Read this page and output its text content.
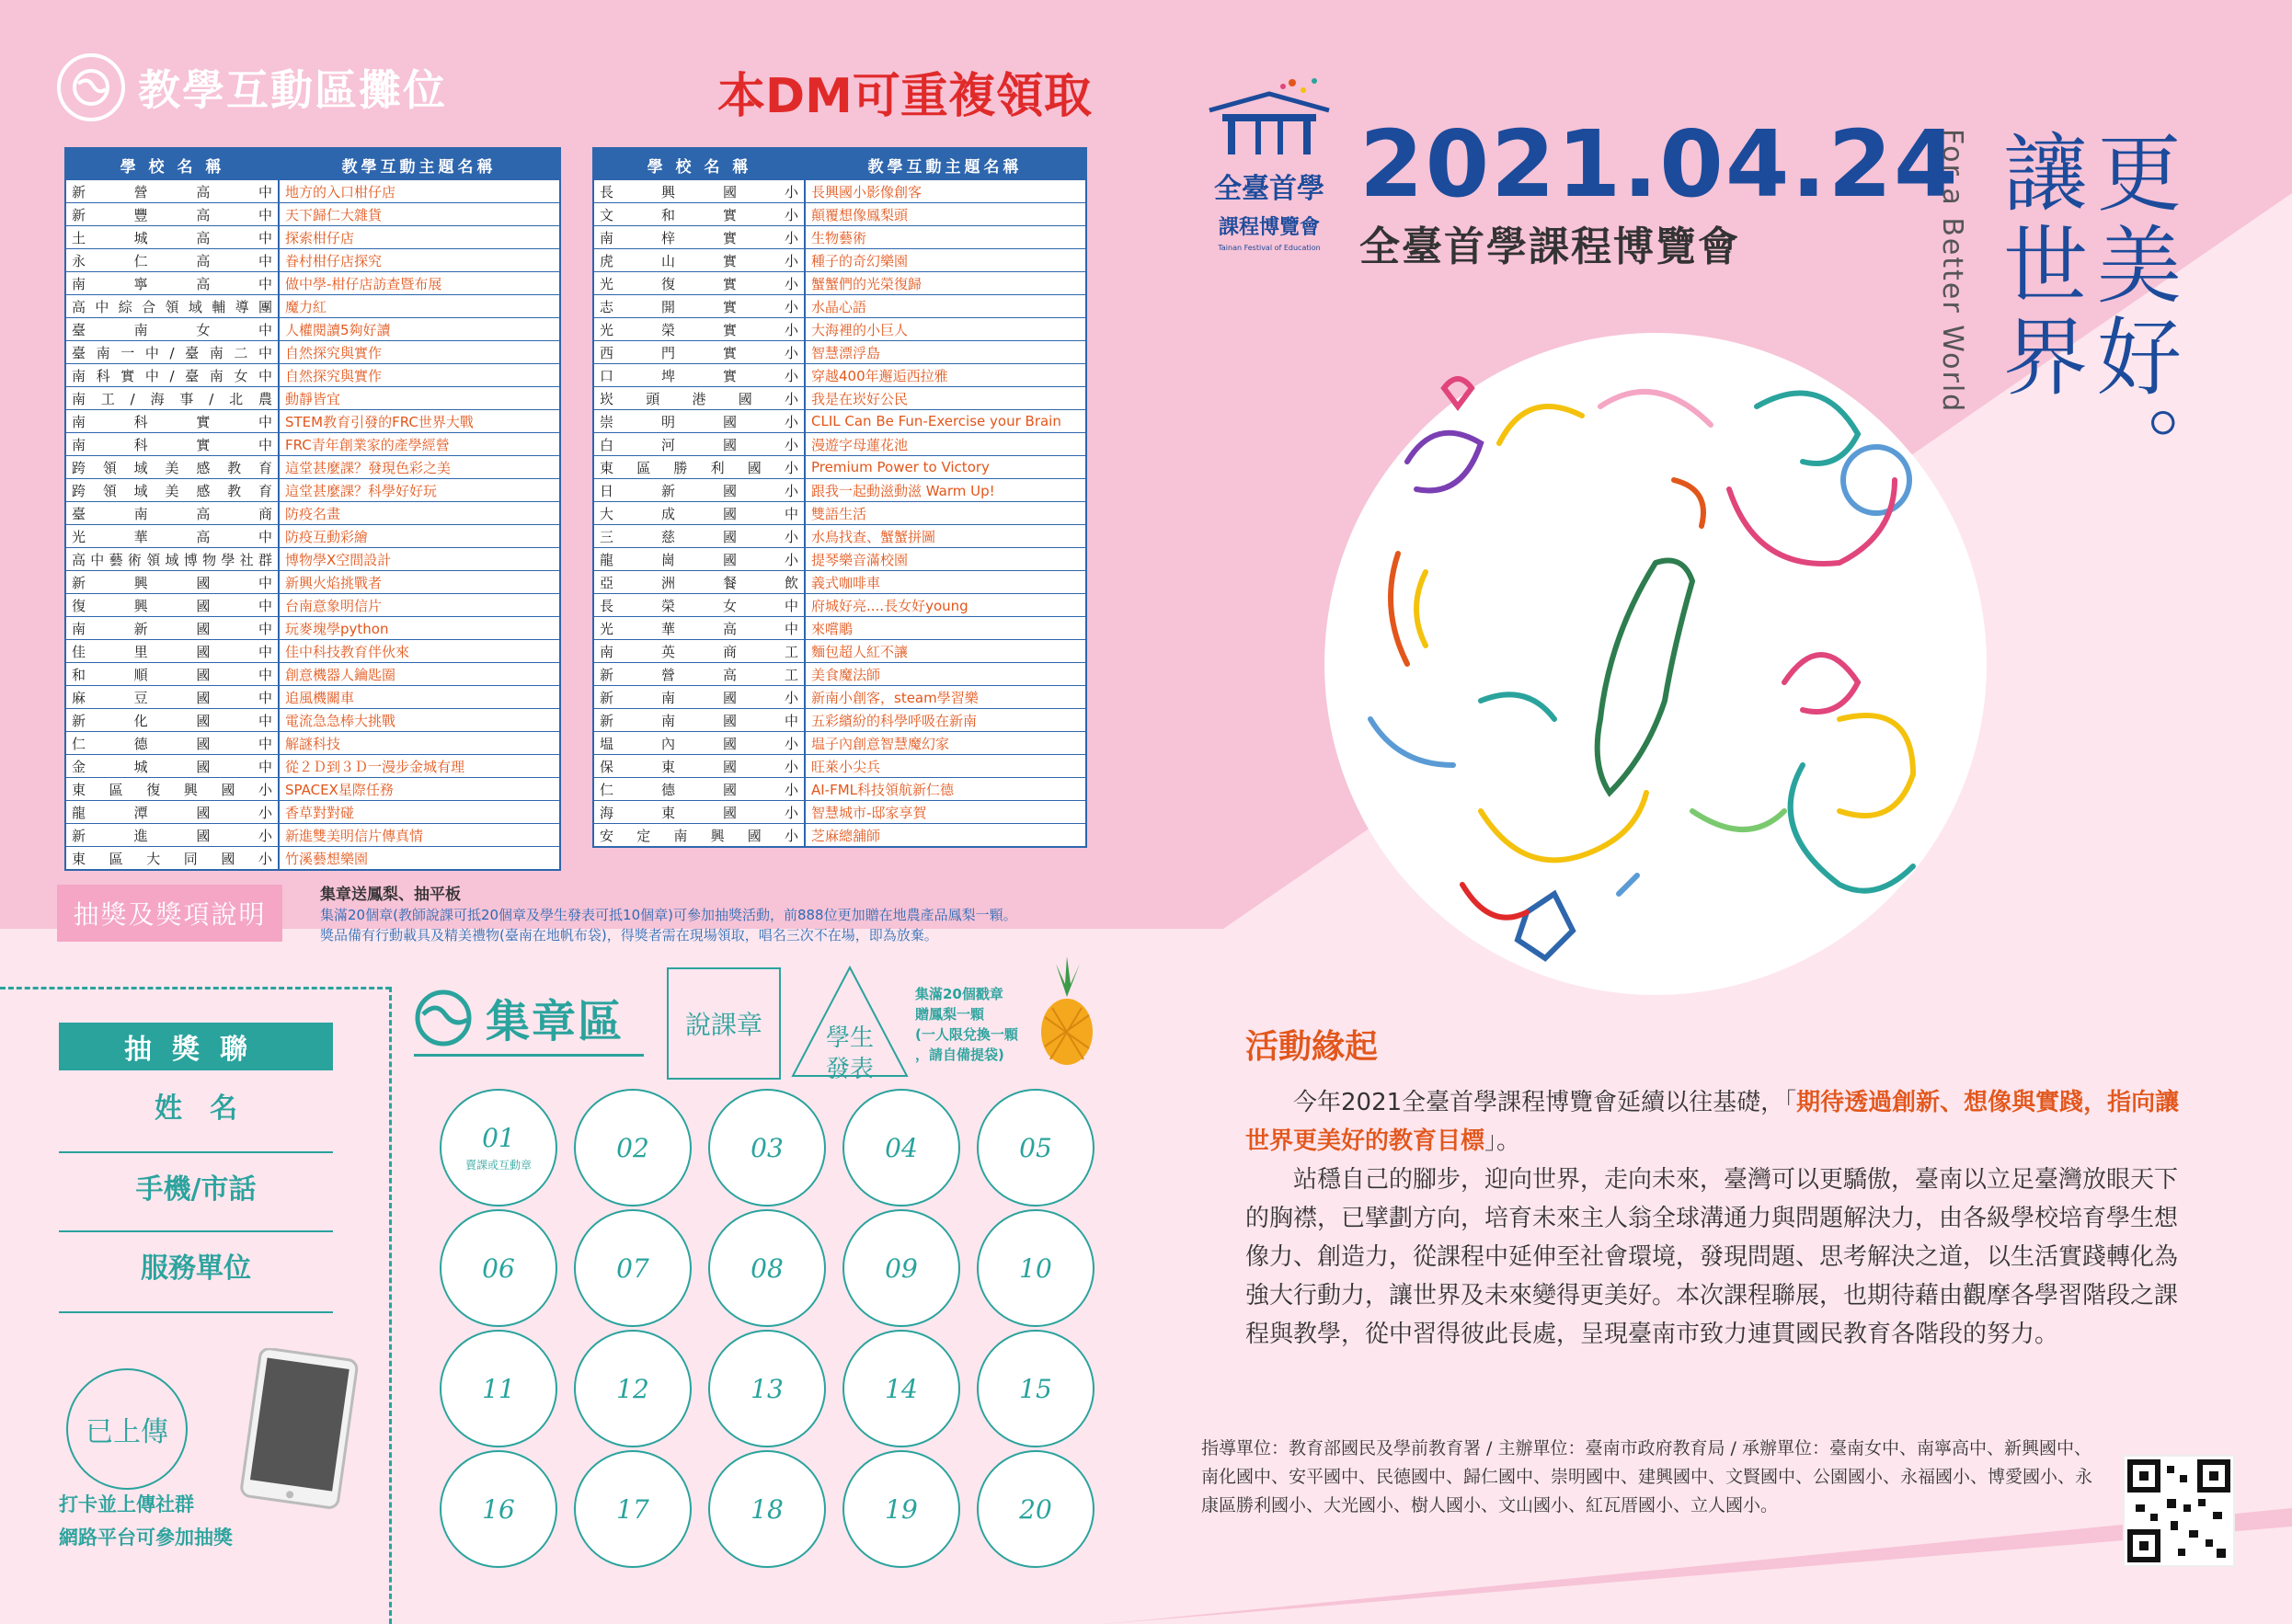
教學互動區攤位	本DM可重複領取
學 校 名 稱	教學互動主題名稱
新營高中	地方的入口柑仔店
新豐高中	天下歸仁大雜貨
土城高中	探索柑仔店
永仁高中	眷村柑仔店探究
南寧高中	做中學-柑仔店訪查暨布展
高中綜合領域輔導團	魔力紅
臺南女中	人權閱讀5夠好讀
臺南一中/臺南二中	自然探究與實作
南科實中/臺南女中	自然探究與實作
南工/海事/北農	動靜皆宜
南科實中	STEM教育引發的FRC世界大戰
南科實中	FRC青年創業家的產學經營
跨領域美感教育	這堂甚麼課？發現色彩之美
跨領域美感教育	這堂甚麼課？科學好好玩
臺南高商	防疫名畫
光華高中	防疫互動彩繪
高中藝術領域博物學社群	博物學X空間設計
新興國中	新興火焰挑戰者
復興國中	台南意象明信片
南新國中	玩麥塊學python
佳里國中	佳中科技教育伴伙來
和順國中	創意機器人鑰匙圈
麻豆國中	追風機關車
新化國中	電流急急棒大挑戰
仁德國中	解謎科技
金城國中	從２Ｄ到３Ｄ一漫步金城有理
東區復興國小	SPACEX星際任務
龍潭國小	香草對對碰
新進國小	新進雙美明信片傳真情
東區大同國小	竹溪藝想樂園
學 校 名 稱	教學互動主題名稱
長興國小	長興國小影像創客
文和實小	顛覆想像鳳梨頭
南梓實小	生物藝術
虎山實小	種子的奇幻樂園
光復實小	蟹蟹們的光榮復歸
志開實小	水晶心語
光榮實小	大海裡的小巨人
西門實小	智慧漂浮島
口埤實小	穿越400年邂逅西拉雅
崁頭港國小	我是在崁好公民
崇明國小	CLIL Can Be Fun-Exercise your Brain
白河國小	漫遊字母蓮花池
東區勝利國小	Premium Power to Victory
日新國小	跟我一起動滋動滋 Warm Up!
大成國中	雙語生活
三慈國小	水鳥找查、蟹蟹拼圖
龍崗國小	提琴樂音滿校園
亞洲餐飲	義式咖啡車
長榮女中	府城好亮....長女好young
光華高中	來嚐鵰
南英商工	麵包超人紅不讓
新營高工	美食魔法師
新南國小	新南小創客，steam學習樂
新南國中	五彩繽紛的科學呼吸在新南
塭內國小	塭子內創意智慧魔幻家
保東國小	旺萊小尖兵
仁德國小	AI-FML科技領航新仁德
海東國小	智慧城市-邸家享賀
安定南興國小	芝麻總舖師
抽獎及獎項說明
集章送鳳梨、抽平板
集滿20個章(教師說課可抵20個章及學生發表可抵10個章)可參加抽獎活動，前888位更加贈在地農產品鳳梨一顆。
獎品備有行動載具及精美禮物(臺南在地帆布袋)，得獎者需在現場領取，唱名三次不在場，即為放棄。
抽獎聯
姓　名
手機/市話
服務單位
已上傳
打卡並上傳社群
網路平台可參加抽獎
集章區	說課章	學生
發表
集滿20個戳章
贈鳳梨一顆
(一人限兌換一顆
，請自備提袋)
01
賣課或互動章
02	03	04	05
06	07	08	09	10
11	12	13	14	15
16	17	18	19	20
全臺首學
課程博覽會
Tainan Festival of Education
2021.04.24
全臺首學課程博覽會	更美好。
讓世界
For a Better World
活動緣起
　　今年2021全臺首學課程博覽會延續以往基礎，「期待透過創新、想像與實踐，指向讓世界更美好的教育目標」。
　　站穩自己的腳步，迎向世界，走向未來，臺灣可以更驕傲，臺南以立足臺灣放眼天下的胸襟，已擘劃方向，培育未來主人翁全球溝通力與問題解決力，由各級學校培育學生想像力、創造力，從課程中延伸至社會環境，發現問題、思考解決之道，以生活實踐轉化為強大行動力，讓世界及未來變得更美好。本次課程聯展，也期待藉由觀摩各學習階段之課程與教學，從中習得彼此長處，呈現臺南市致力連貫國民教育各階段的努力。
指導單位：教育部國民及學前教育署 / 主辦單位：臺南市政府教育局 / 承辦單位：臺南女中、南寧高中、新興國中、南化國中、安平國中、民德國中、歸仁國中、崇明國中、建興國中、文賢國中、公園國小、永福國小、博愛國小、永康區勝利國小、大光國小、樹人國小、文山國小、紅瓦厝國小、立人國小。
